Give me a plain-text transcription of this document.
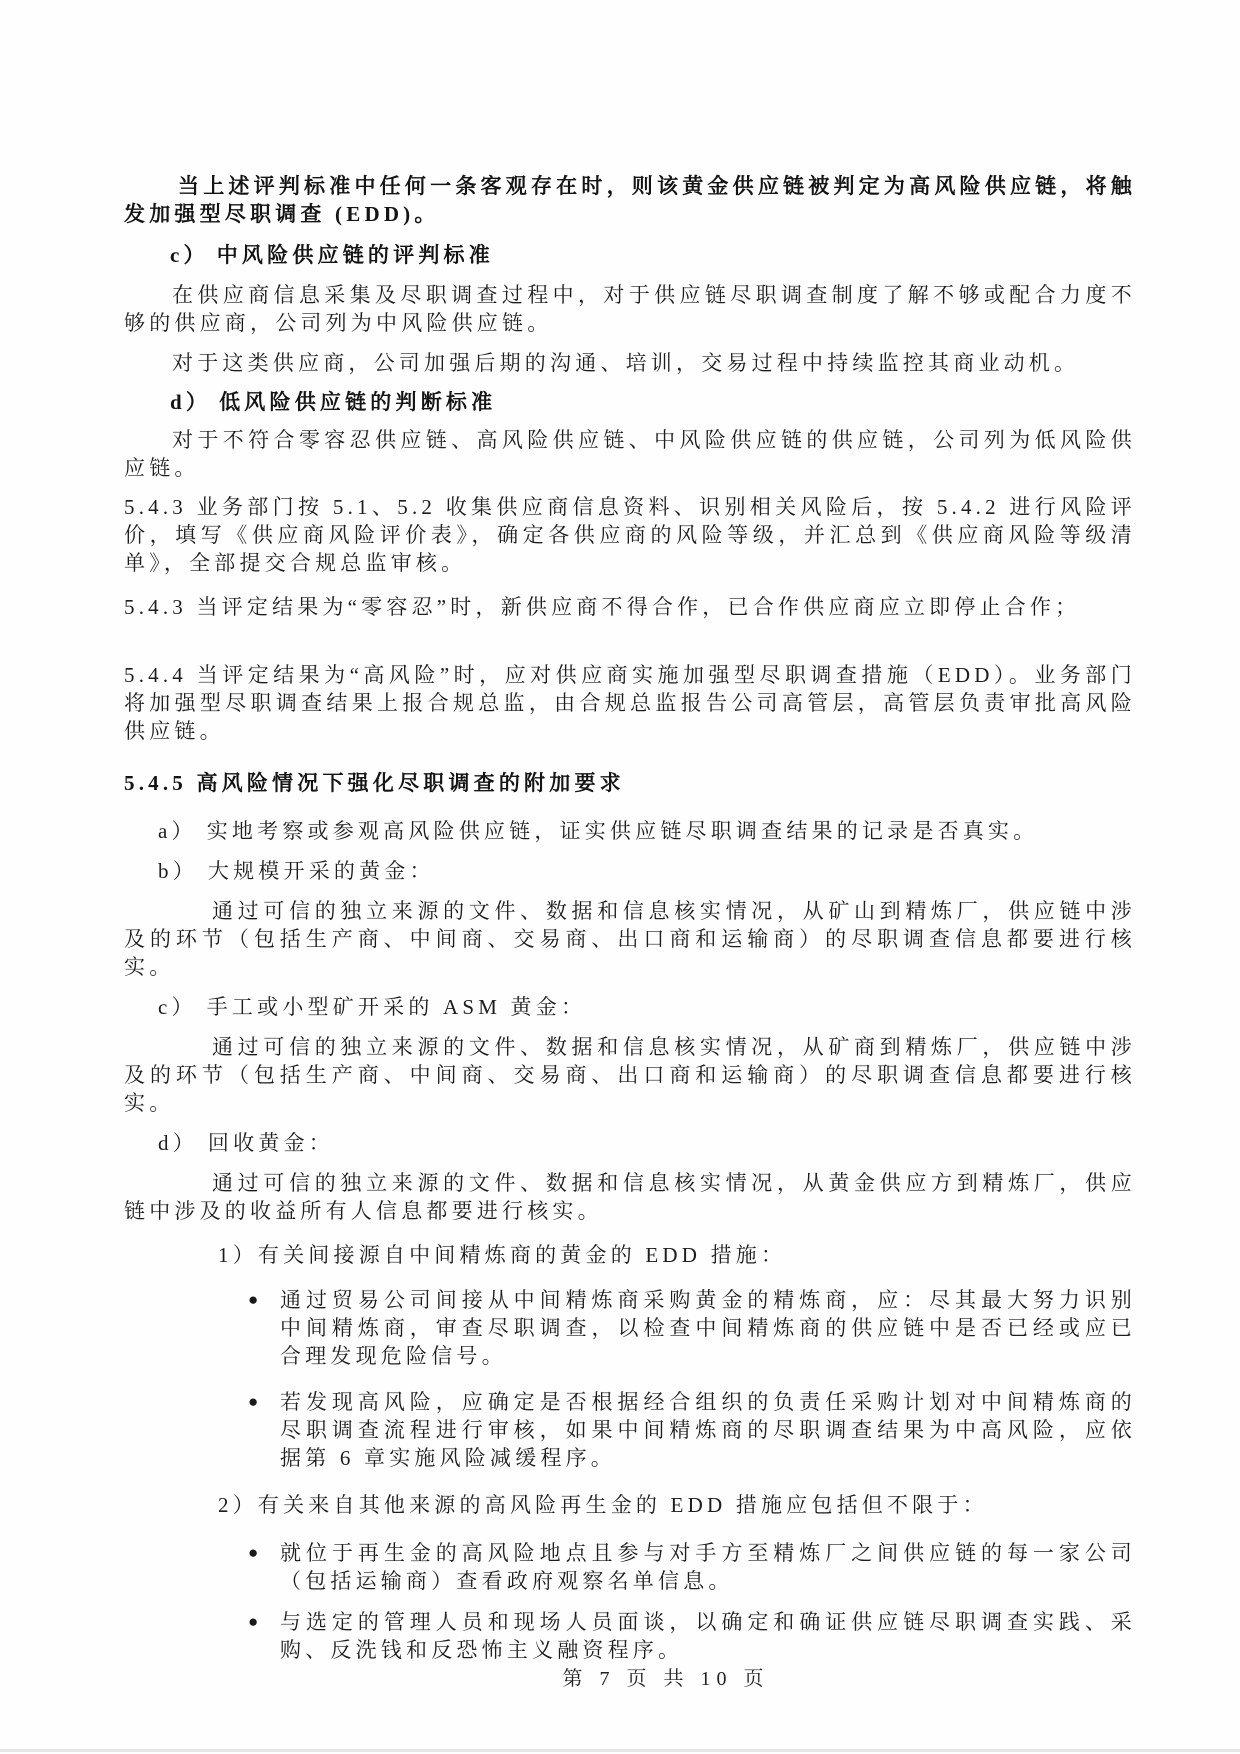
当上述评判标准中任何一条客观存在时，则该黄金供应链被判定为高风险供应链，将触发加强型尽职调查 (EDD)。
c） 中风险供应链的评判标准
在供应商信息采集及尽职调查过程中，对于供应链尽职调查制度了解不够或配合力度不够的供应商，公司列为中风险供应链。
对于这类供应商，公司加强后期的沟通、培训，交易过程中持续监控其商业动机。
d） 低风险供应链的判断标准
对于不符合零容忍供应链、高风险供应链、中风险供应链的供应链，公司列为低风险供应链。
5.4.3 业务部门按 5.1、5.2 收集供应商信息资料、识别相关风险后，按 5.4.2 进行风险评价，填写《供应商风险评价表》，确定各供应商的风险等级，并汇总到《供应商风险等级清单》，全部提交合规总监审核。
5.4.3 当评定结果为“零容忍”时，新供应商不得合作，已合作供应商应立即停止合作；
5.4.4 当评定结果为“高风险”时，应对供应商实施加强型尽职调查措施（EDD）。业务部门将加强型尽职调查结果上报合规总监，由合规总监报告公司高管层，高管层负责审批高风险供应链。
5.4.5 高风险情况下强化尽职调查的附加要求
a） 实地考察或参观高风险供应链，证实供应链尽职调查结果的记录是否真实。
b） 大规模开采的黄金：
通过可信的独立来源的文件、数据和信息核实情况，从矿山到精炼厂，供应链中涉及的环节（包括生产商、中间商、交易商、出口商和运输商）的尽职调查信息都要进行核实。
c） 手工或小型矿开采的 ASM 黄金：
通过可信的独立来源的文件、数据和信息核实情况，从矿商到精炼厂，供应链中涉及的环节（包括生产商、中间商、交易商、出口商和运输商）的尽职调查信息都要进行核实。
d） 回收黄金：
通过可信的独立来源的文件、数据和信息核实情况，从黄金供应方到精炼厂，供应链中涉及的收益所有人信息都要进行核实。
1）有关间接源自中间精炼商的黄金的 EDD 措施：
● 通过贸易公司间接从中间精炼商采购黄金的精炼商，应：尽其最大努力识别中间精炼商，审查尽职调查，以检查中间精炼商的供应链中是否已经或应已合理发现危险信号。
● 若发现高风险，应确定是否根据经合组织的负责任采购计划对中间精炼商的尽职调查流程进行审核，如果中间精炼商的尽职调查结果为中高风险，应依据第 6 章实施风险减缓程序。
2）有关来自其他来源的高风险再生金的 EDD 措施应包括但不限于：
● 就位于再生金的高风险地点且参与对手方至精炼厂之间供应链的每一家公司（包括运输商）查看政府观察名单信息。
● 与选定的管理人员和现场人员面谈，以确定和确证供应链尽职调查实践、采购、反洗钱和反恐怖主义融资程序。
第 7 页 共 10 页
